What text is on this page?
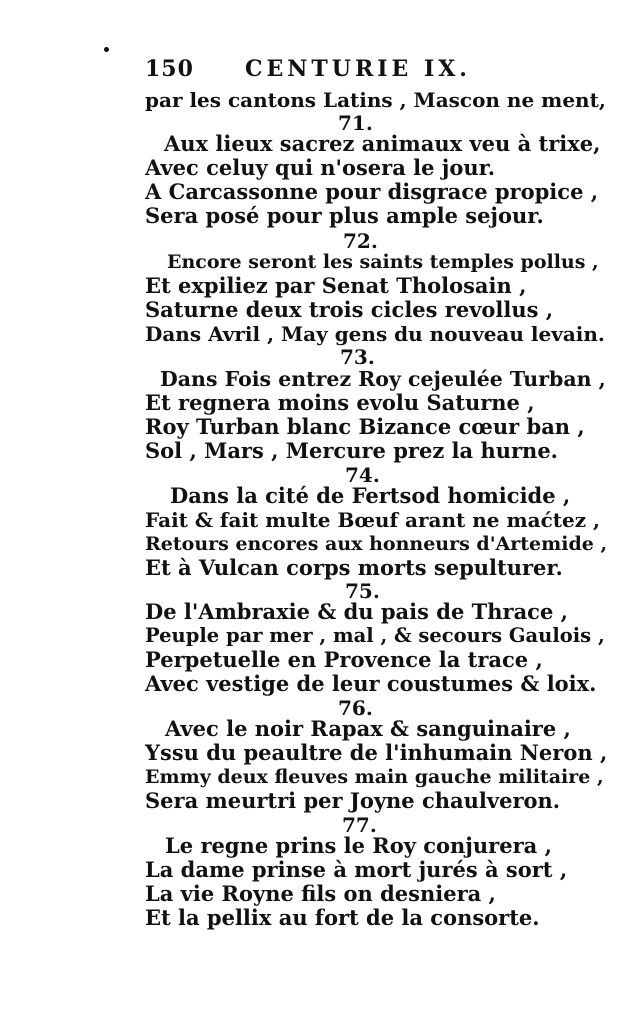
150 CENTURIE IX.
par les cantons Latins , Mascon ne ment,
71.
Aux lieux sacrez animaux veu à trixe,
Avec celuy qui n'osera le jour.
A Carcassonne pour disgrace propice ,
Sera posé pour plus ample sejour.
72.
Encore seront les saints temples pollus ,
Et expiliez par Senat Tholosain ,
Saturne deux trois cicles revollus ,
Dans Avril , May gens du nouveau levain.
73.
Dans Fois entrez Roy cejeulée Turban ,
Et regnera moins evolu Saturne ,
Roy Turban blanc Bizance cœur ban ,
Sol , Mars , Mercure prez la hurne.
74.
Dans la cité de Fertsod homicide ,
Fait & fait multe Bœuf arant ne maćtez ,
Retours encores aux honneurs d'Artemide ,
Et à Vulcan corps morts sepulturer.
75.
De l'Ambraxie & du pais de Thrace ,
Peuple par mer , mal , & secours Gaulois ,
Perpetuelle en Provence la trace ,
Avec vestige de leur coustumes & loix.
76.
Avec le noir Rapax & sanguinaire ,
Yssu du peaultre de l'inhumain Neron ,
Emmy deux fleuves main gauche militaire ,
Sera meurtri per Joyne chaulveron.
77.
Le regne prins le Roy conjurera ,
La dame prinse à mort jurés à sort ,
La vie Royne fils on desniera ,
Et la pellix au fort de la consorte.
